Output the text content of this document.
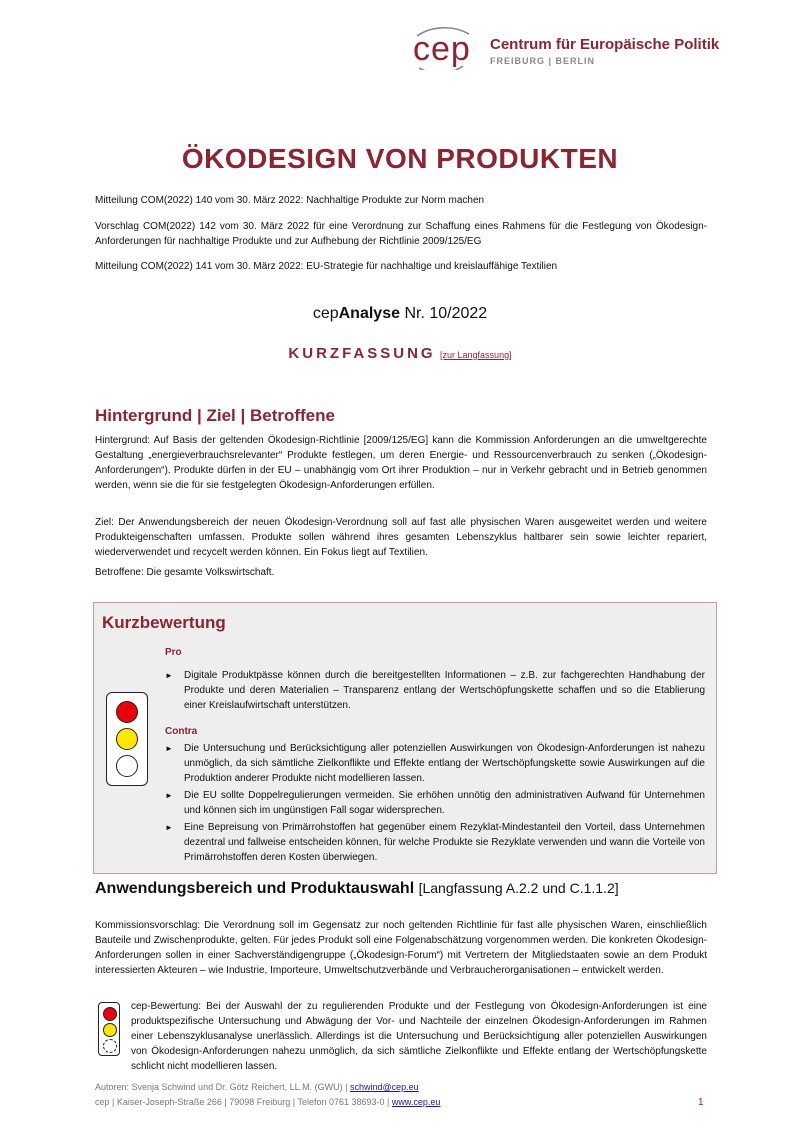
cep Centrum für Europäische Politik
FREIBURG | BERLIN
ÖKODESIGN VON PRODUKTEN
Mitteilung COM(2022) 140 vom 30. März 2022: Nachhaltige Produkte zur Norm machen
Vorschlag COM(2022) 142 vom 30. März 2022 für eine Verordnung zur Schaffung eines Rahmens für die Festlegung von Ökodesign-Anforderungen für nachhaltige Produkte und zur Aufhebung der Richtlinie 2009/125/EG
Mitteilung COM(2022) 141 vom 30. März 2022: EU-Strategie für nachhaltige und kreislauffähige Textilien
cepAnalyse Nr. 10/2022
KURZFASSUNG [zur Langfassung]
Hintergrund | Ziel | Betroffene

Hintergrund: Auf Basis der geltenden Ökodesign-Richtlinie [2009/125/EG] kann die Kommission Anforderungen an die umweltgerechte Gestaltung „energieverbrauchsrelevanter“ Produkte festlegen, um deren Energie- und Ressourcenverbrauch zu senken („Ökodesign-Anforderungen“). Produkte dürfen in der EU – unabhängig vom Ort ihrer Produktion – nur in Verkehr gebracht und in Betrieb genommen werden, wenn sie die für sie festgelegten Ökodesign-Anforderungen erfüllen.

Ziel: Der Anwendungsbereich der neuen Ökodesign-Verordnung soll auf fast alle physischen Waren ausgeweitet werden und weitere Produkteigenschaften umfassen. Produkte sollen während ihres gesamten Lebenszyklus haltbarer sein sowie leichter repariert, wiederverwendet und recycelt werden können. Ein Fokus liegt auf Textilien.

Betroffene: Die gesamte Volkswirtschaft.

Kurzbewertung
Pro
► Digitale Produktpässe können durch die bereitgestellten Informationen – z.B. zur fachgerechten Handhabung der Produkte und deren Materialien – Transparenz entlang der Wertschöpfungskette schaffen und so die Etablierung einer Kreislaufwirtschaft unterstützen.
Contra
► Die Untersuchung und Berücksichtigung aller potenziellen Auswirkungen von Ökodesign-Anforderungen ist nahezu unmöglich, da sich sämtliche Zielkonflikte und Effekte entlang der Wertschöpfungskette sowie Auswirkungen auf die Produktion anderer Produkte nicht modellieren lassen.
► Die EU sollte Doppelregulierungen vermeiden. Sie erhöhen unnötig den administrativen Aufwand für Unternehmen und können sich im ungünstigen Fall sogar widersprechen.
► Eine Bepreisung von Primärrohstoffen hat gegenüber einem Rezyklat-Mindestanteil den Vorteil, dass Unternehmen dezentral und fallweise entscheiden können, für welche Produkte sie Rezyklate verwenden und wann die Vorteile von Primärrohstoffen deren Kosten überwiegen.
Anwendungsbereich und Produktauswahl [Langfassung A.2.2 und C.1.1.2]

Kommissionsvorschlag: Die Verordnung soll im Gegensatz zur noch geltenden Richtlinie für fast alle physischen Waren, einschließlich Bauteile und Zwischenprodukte, gelten. Für jedes Produkt soll eine Folgenabschätzung vorgenommen werden. Die konkreten Ökodesign-Anforderungen sollen in einer Sachverständigengruppe („Ökodesign-Forum“) mit Vertretern der Mitgliedstaaten sowie an dem Produkt interessierten Akteuren – wie Industrie, Importeure, Umweltschutzverbände und Verbraucherorganisationen – entwickelt werden.

cep-Bewertung: Bei der Auswahl der zu regulierenden Produkte und der Festlegung von Ökodesign-Anforderungen ist eine produktspezifische Untersuchung und Abwägung der Vor- und Nachteile der einzelnen Ökodesign-Anforderungen im Rahmen einer Lebenszyklusanalyse unerlässlich. Allerdings ist die Untersuchung und Berücksichtigung aller potenziellen Auswirkungen von Ökodesign-Anforderungen nahezu unmöglich, da sich sämtliche Zielkonflikte und Effekte entlang der Wertschöpfungskette schlicht nicht modellieren lassen.

Autoren: Svenja Schwind und Dr. Götz Reichert, LL.M. (GWU) | schwind@cep.eu
cep | Kaiser-Joseph-Straße 266 | 79098 Freiburg | Telefon 0761 38693-0 | www.cep.eu	1
